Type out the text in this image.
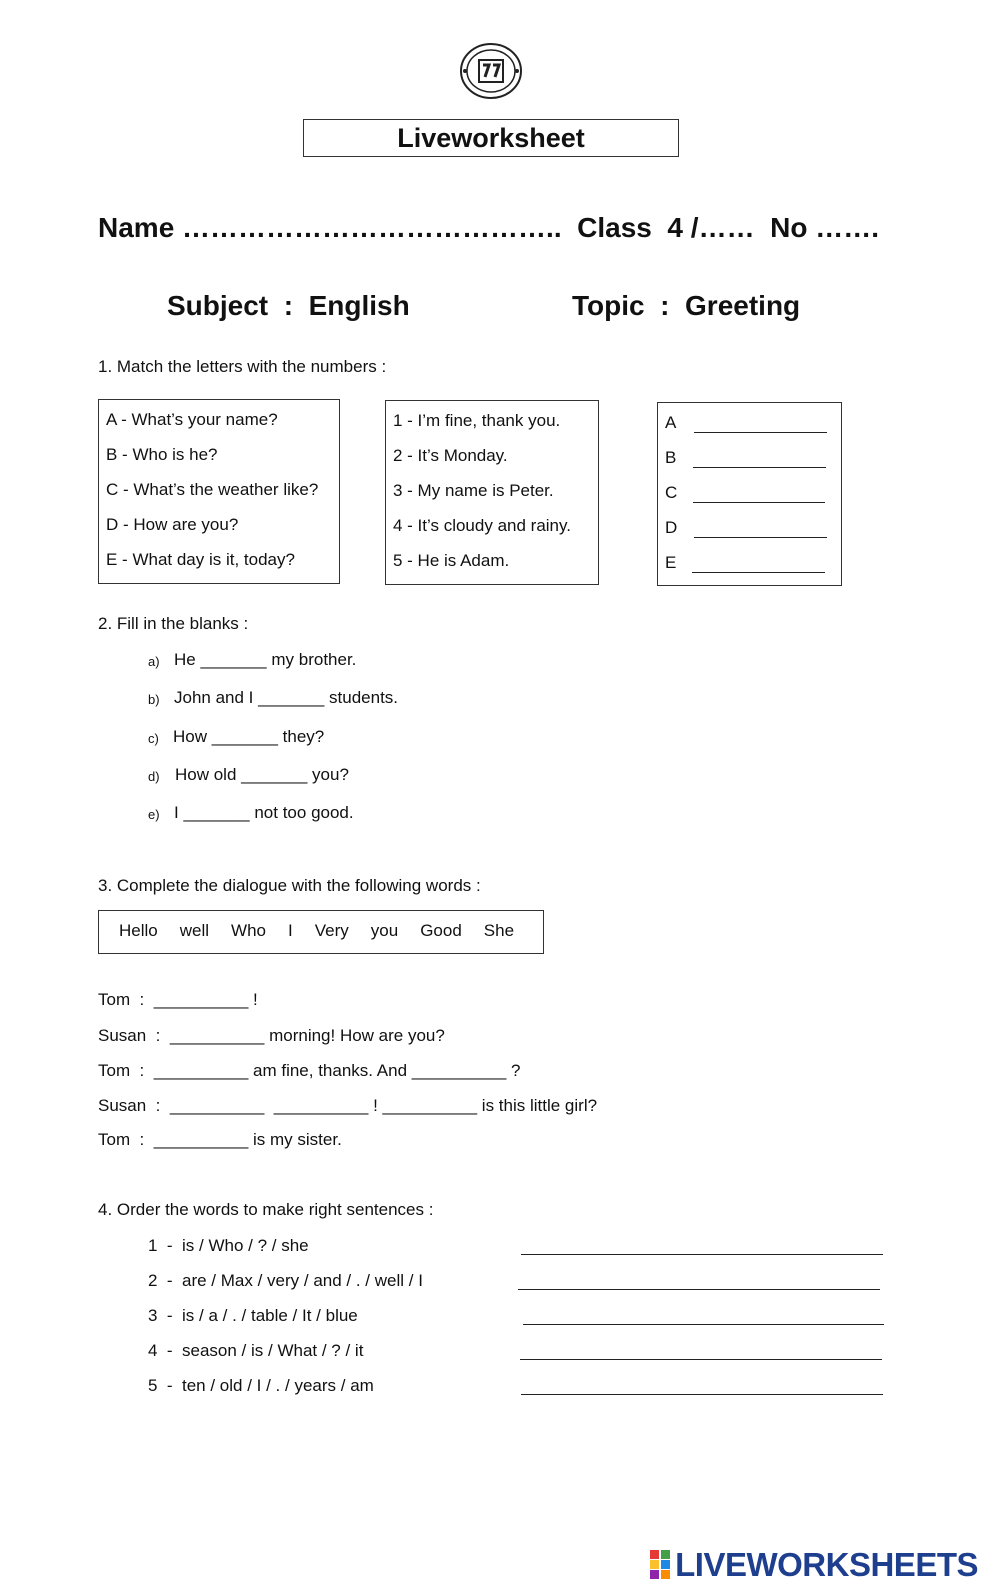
Liveworksheet
Name …………………………………..  Class  4 /……  No …….
Subject  :  English	Topic  :  Greeting
1. Match the letters with the numbers :
A - What’s your name?
B - Who is he?
C - What’s the weather like?
D - How are you?
E - What day is it, today?
1 - I’m fine, thank you.
2 - It’s Monday.
3 - My name is Peter.
4 - It’s cloudy and rainy.
5 - He is Adam.
A
B
C
D
E
2. Fill in the blanks :
a) He _______ my brother.
b) John and I _______ students.
c) How _______ they?
d) How old _______ you?
e) I _______ not too good.
3. Complete the dialogue with the following words :
Hello well Who I Very you Good She
Tom  :  __________ !
Susan  :  __________ morning! How are you?
Tom  :  __________ am fine, thanks. And __________ ?
Susan  :  __________  __________ ! __________ is this little girl?
Tom  :  __________ is my sister.
4. Order the words to make right sentences :
1  -  is / Who / ? / she
2  -  are / Max / very / and / . / well / I
3  -  is / a / . / table / It / blue
4  -  season / is / What / ? / it
5  -  ten / old / I / . / years / am
LIVEWORKSHEETS
